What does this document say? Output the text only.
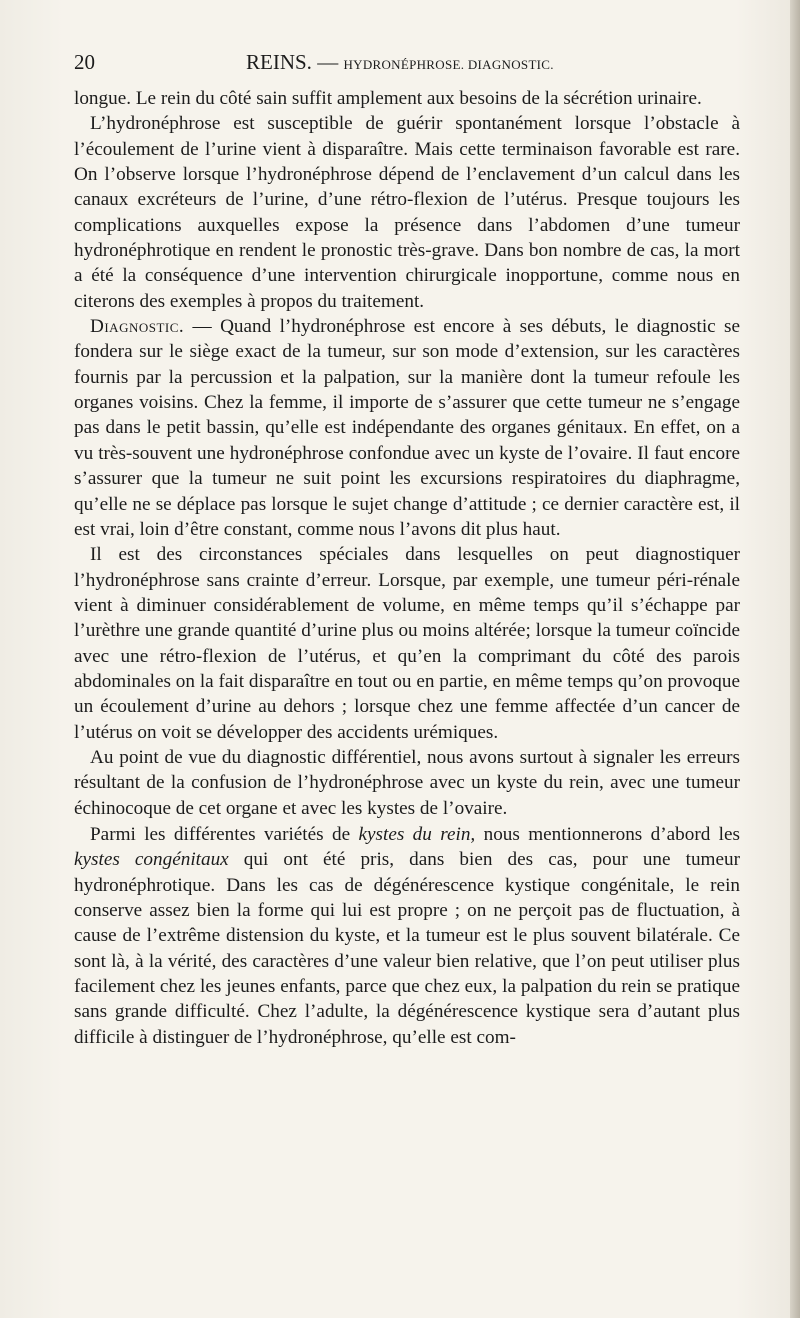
20	REINS. — HYDRONÉPHROSE. DIAGNOSTIC.

longue. Le rein du côté sain suffit amplement aux besoins de la sécrétion urinaire.

L’hydronéphrose est susceptible de guérir spontanément lorsque l’obstacle à l’écoulement de l’urine vient à disparaître. Mais cette terminaison favorable est rare. On l’observe lorsque l’hydronéphrose dépend de l’enclavement d’un calcul dans les canaux excréteurs de l’urine, d’une rétro-flexion de l’utérus. Presque toujours les complications auxquelles expose la présence dans l’abdomen d’une tumeur hydronéphrotique en rendent le pronostic très-grave. Dans bon nombre de cas, la mort a été la conséquence d’une intervention chirurgicale inopportune, comme nous en citerons des exemples à propos du traitement.

Diagnostic. — Quand l’hydronéphrose est encore à ses débuts, le diagnostic se fondera sur le siège exact de la tumeur, sur son mode d’extension, sur les caractères fournis par la percussion et la palpation, sur la manière dont la tumeur refoule les organes voisins. Chez la femme, il importe de s’assurer que cette tumeur ne s’engage pas dans le petit bassin, qu’elle est indépendante des organes génitaux. En effet, on a vu très-souvent une hydronéphrose confondue avec un kyste de l’ovaire. Il faut encore s’assurer que la tumeur ne suit point les excursions respiratoires du diaphragme, qu’elle ne se déplace pas lorsque le sujet change d’attitude ; ce dernier caractère est, il est vrai, loin d’être constant, comme nous l’avons dit plus haut.

Il est des circonstances spéciales dans lesquelles on peut diagnostiquer l’hydronéphrose sans crainte d’erreur. Lorsque, par exemple, une tumeur péri-rénale vient à diminuer considérablement de volume, en même temps qu’il s’échappe par l’urèthre une grande quantité d’urine plus ou moins altérée; lorsque la tumeur coïncide avec une rétro-flexion de l’utérus, et qu’en la comprimant du côté des parois abdominales on la fait disparaître en tout ou en partie, en même temps qu’on provoque un écoulement d’urine au dehors ; lorsque chez une femme affectée d’un cancer de l’utérus on voit se développer des accidents urémiques.

Au point de vue du diagnostic différentiel, nous avons surtout à signaler les erreurs résultant de la confusion de l’hydronéphrose avec un kyste du rein, avec une tumeur échinocoque de cet organe et avec les kystes de l’ovaire.

Parmi les différentes variétés de kystes du rein, nous mentionnerons d’abord les kystes congénitaux qui ont été pris, dans bien des cas, pour une tumeur hydronéphrotique. Dans les cas de dégénérescence kystique congénitale, le rein conserve assez bien la forme qui lui est propre ; on ne perçoit pas de fluctuation, à cause de l’extrême distension du kyste, et la tumeur est le plus souvent bilatérale. Ce sont là, à la vérité, des caractères d’une valeur bien relative, que l’on peut utiliser plus facilement chez les jeunes enfants, parce que chez eux, la palpation du rein se pratique sans grande difficulté. Chez l’adulte, la dégénérescence kystique sera d’autant plus difficile à distinguer de l’hydronéphrose, qu’elle est com-
